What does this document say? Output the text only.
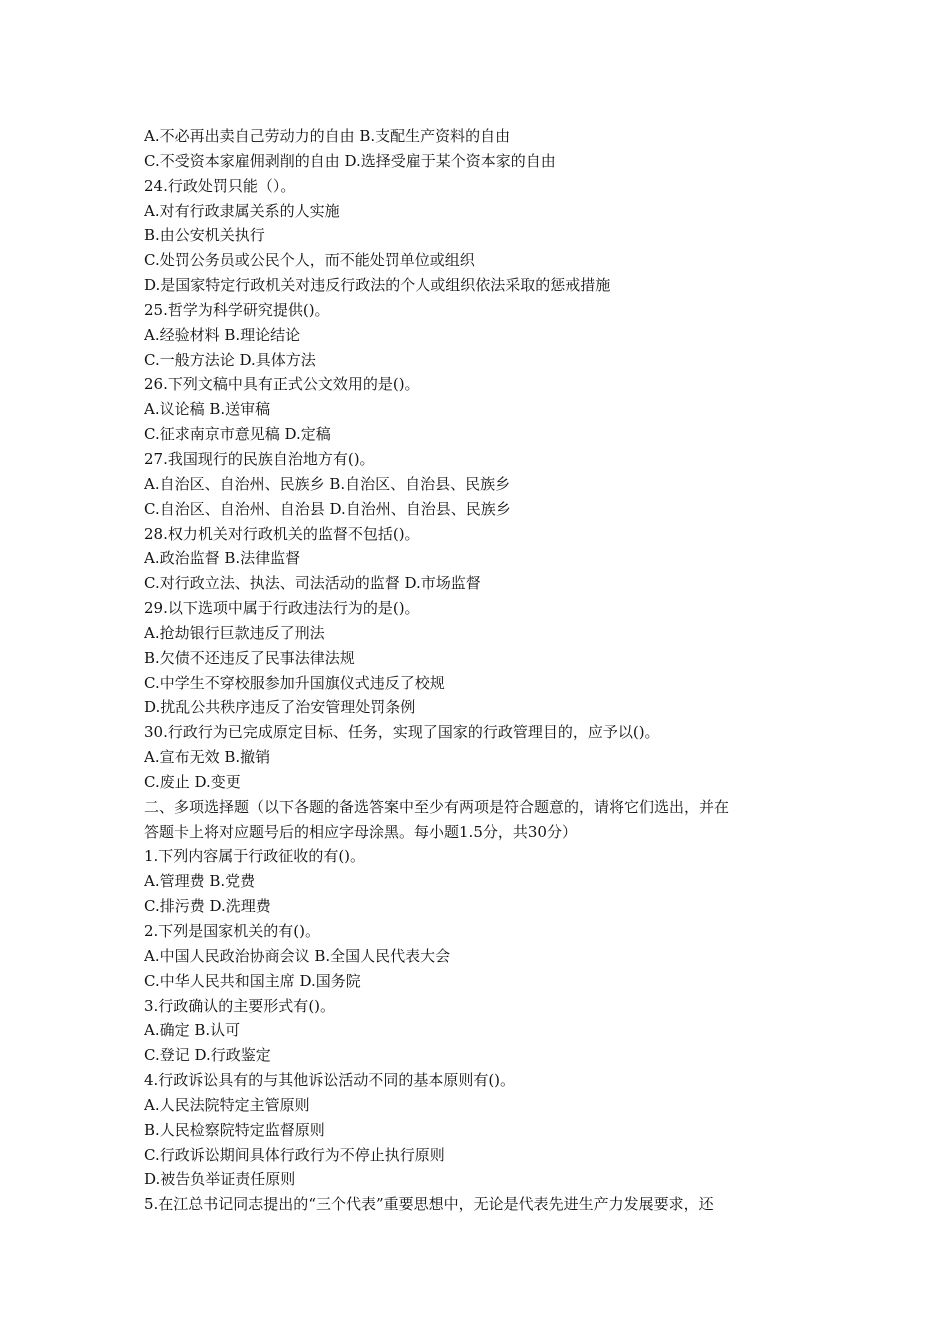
A.不必再出卖自己劳动力的自由 B.支配生产资料的自由
C.不受资本家雇佣剥削的自由 D.选择受雇于某个资本家的自由
24.行政处罚只能（）。
A.对有行政隶属关系的人实施
B.由公安机关执行
C.处罚公务员或公民个人，而不能处罚单位或组织
D.是国家特定行政机关对违反行政法的个人或组织依法采取的惩戒措施
25.哲学为科学研究提供()。
A.经验材料 B.理论结论
C.一般方法论 D.具体方法
26.下列文稿中具有正式公文效用的是()。
A.议论稿 B.送审稿
C.征求南京市意见稿 D.定稿
27.我国现行的民族自治地方有()。
A.自治区、自治州、民族乡 B.自治区、自治县、民族乡
C.自治区、自治州、自治县 D.自治州、自治县、民族乡
28.权力机关对行政机关的监督不包括()。
A.政治监督 B.法律监督
C.对行政立法、执法、司法活动的监督 D.市场监督
29.以下选项中属于行政违法行为的是()。
A.抢劫银行巨款违反了刑法
B.欠债不还违反了民事法律法规
C.中学生不穿校服参加升国旗仪式违反了校规
D.扰乱公共秩序违反了治安管理处罚条例
30.行政行为已完成原定目标、任务，实现了国家的行政管理目的，应予以()。
A.宣布无效 B.撤销
C.废止 D.变更
二、多项选择题（以下各题的备选答案中至少有两项是符合题意的，请将它们选出，并在
答题卡上将对应题号后的相应字母涂黑。每小题1.5分，共30分）
1.下列内容属于行政征收的有()。
A.管理费 B.党费
C.排污费 D.洗理费
2.下列是国家机关的有()。
A.中国人民政治协商会议 B.全国人民代表大会
C.中华人民共和国主席 D.国务院
3.行政确认的主要形式有()。
A.确定 B.认可
C.登记 D.行政鉴定
4.行政诉讼具有的与其他诉讼活动不同的基本原则有()。
A.人民法院特定主管原则
B.人民检察院特定监督原则
C.行政诉讼期间具体行政行为不停止执行原则
D.被告负举证责任原则
5.在江总书记同志提出的“三个代表”重要思想中，无论是代表先进生产力发展要求，还
